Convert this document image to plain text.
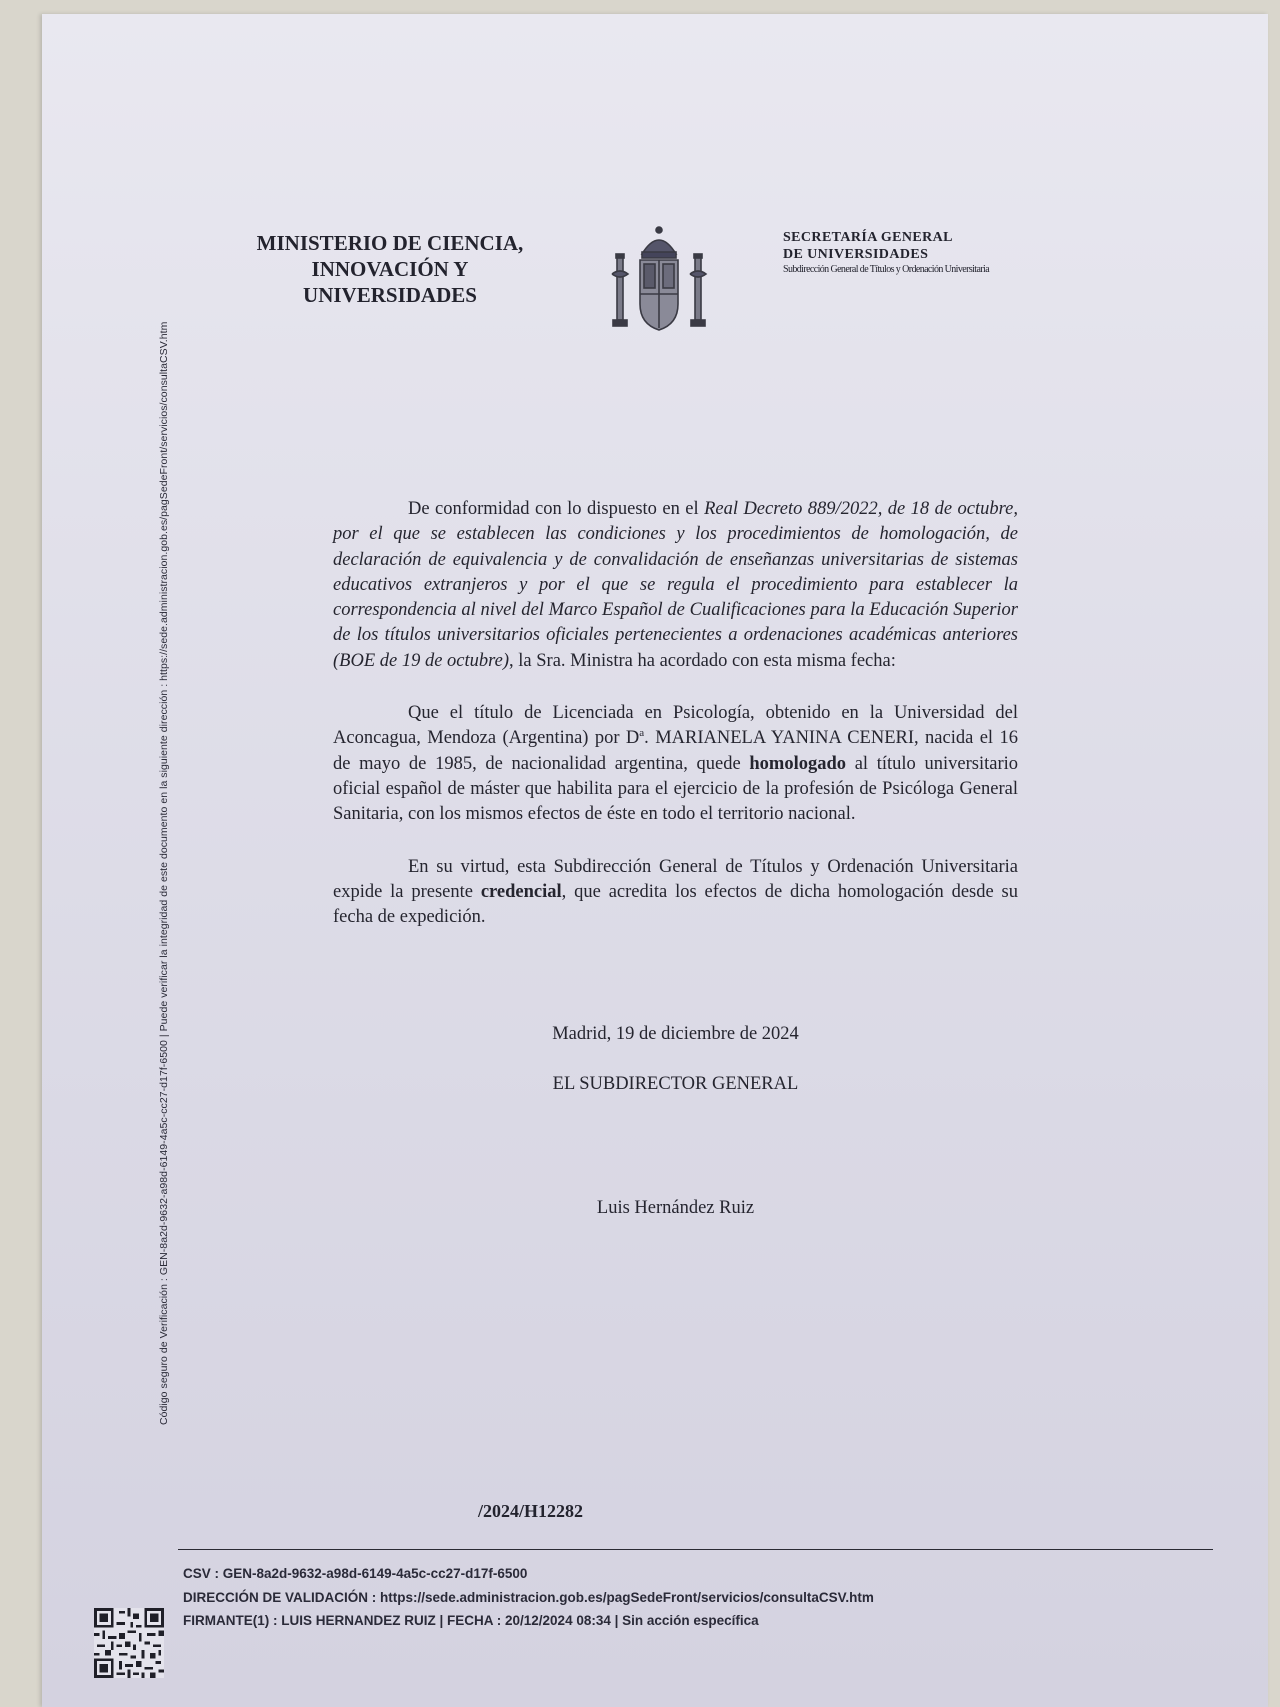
Código seguro de Verificación : GEN-8a2d-9632-a98d-6149-4a5c-cc27-d17f-6500 | Puede verificar la integridad de este documento en la siguiente dirección : https://sede.administracion.gob.es/pagSedeFront/servicios/consultaCSV.htm
MINISTERIO DE CIENCIA,
INNOVACIÓN Y
UNIVERSIDADES
SECRETARÍA GENERAL
DE UNIVERSIDADES
Subdirección General de Títulos y Ordenación Universitaria

De conformidad con lo dispuesto en el Real Decreto 889/2022, de 18 de octubre, por el que se establecen las condiciones y los procedimientos de homologación, de declaración de equivalencia y de convalidación de enseñanzas universitarias de sistemas educativos extranjeros y por el que se regula el procedimiento para establecer la correspondencia al nivel del Marco Español de Cualificaciones para la Educación Superior de los títulos universitarios oficiales pertenecientes a ordenaciones académicas anteriores (BOE de 19 de octubre), la Sra. Ministra ha acordado con esta misma fecha:

Que el título de Licenciada en Psicología, obtenido en la Universidad del Aconcagua, Mendoza (Argentina) por $D^a$. MARIANELA YANINA CENERI, nacida el 16 de mayo de 1985, de nacionalidad argentina, quede homologado al título universitario oficial español de máster que habilita para el ejercicio de la profesión de Psicóloga General Sanitaria, con los mismos efectos de éste en todo el territorio nacional.

En su virtud, esta Subdirección General de Títulos y Ordenación Universitaria expide la presente credencial, que acredita los efectos de dicha homologación desde su fecha de expedición.

Madrid, 19 de diciembre de 2024
EL SUBDIRECTOR GENERAL
Luis Hernández Ruiz
/2024/H12282
CSV : GEN-8a2d-9632-a98d-6149-4a5c-cc27-d17f-6500
DIRECCIÓN DE VALIDACIÓN : https://sede.administracion.gob.es/pagSedeFront/servicios/consultaCSV.htm
FIRMANTE(1) : LUIS HERNANDEZ RUIZ | FECHA : 20/12/2024 08:34 | Sin acción específica
